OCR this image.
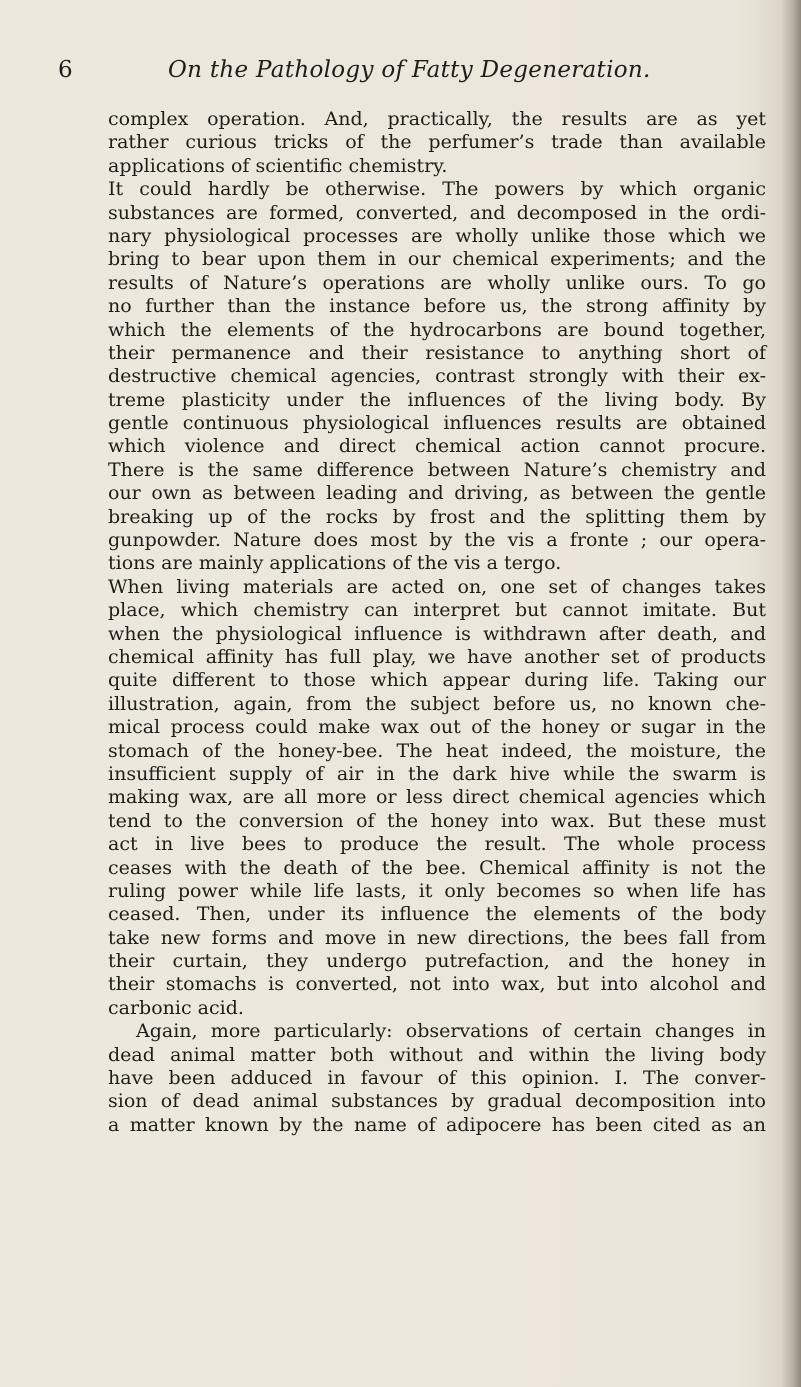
6	On the Pathology of Fatty Degeneration.
complex operation. And, practically, the results are as yet
rather curious tricks of the perfumer’s trade than available
applications of scientific chemistry.
It could hardly be otherwise. The powers by which organic
substances are formed, converted, and decomposed in the ordi-
nary physiological processes are wholly unlike those which we
bring to bear upon them in our chemical experiments; and the
results of Nature’s operations are wholly unlike ours. To go
no further than the instance before us, the strong affinity by
which the elements of the hydrocarbons are bound together,
their permanence and their resistance to anything short of
destructive chemical agencies, contrast strongly with their ex-
treme plasticity under the influences of the living body. By
gentle continuous physiological influences results are obtained
which violence and direct chemical action cannot procure.
There is the same difference between Nature’s chemistry and
our own as between leading and driving, as between the gentle
breaking up of the rocks by frost and the splitting them by
gunpowder. Nature does most by the vis a fronte ; our opera-
tions are mainly applications of the vis a tergo.
When living materials are acted on, one set of changes takes
place, which chemistry can interpret but cannot imitate. But
when the physiological influence is withdrawn after death, and
chemical affinity has full play, we have another set of products
quite different to those which appear during life. Taking our
illustration, again, from the subject before us, no known che-
mical process could make wax out of the honey or sugar in the
stomach of the honey-bee. The heat indeed, the moisture, the
insufficient supply of air in the dark hive while the swarm is
making wax, are all more or less direct chemical agencies which
tend to the conversion of the honey into wax. But these must
act in live bees to produce the result. The whole process
ceases with the death of the bee. Chemical affinity is not the
ruling power while life lasts, it only becomes so when life has
ceased. Then, under its influence the elements of the body
take new forms and move in new directions, the bees fall from
their curtain, they undergo putrefaction, and the honey in
their stomachs is converted, not into wax, but into alcohol and
carbonic acid.
Again, more particularly: observations of certain changes in
dead animal matter both without and within the living body
have been adduced in favour of this opinion. I. The conver-
sion of dead animal substances by gradual decomposition into
a matter known by the name of adipocere has been cited as an
